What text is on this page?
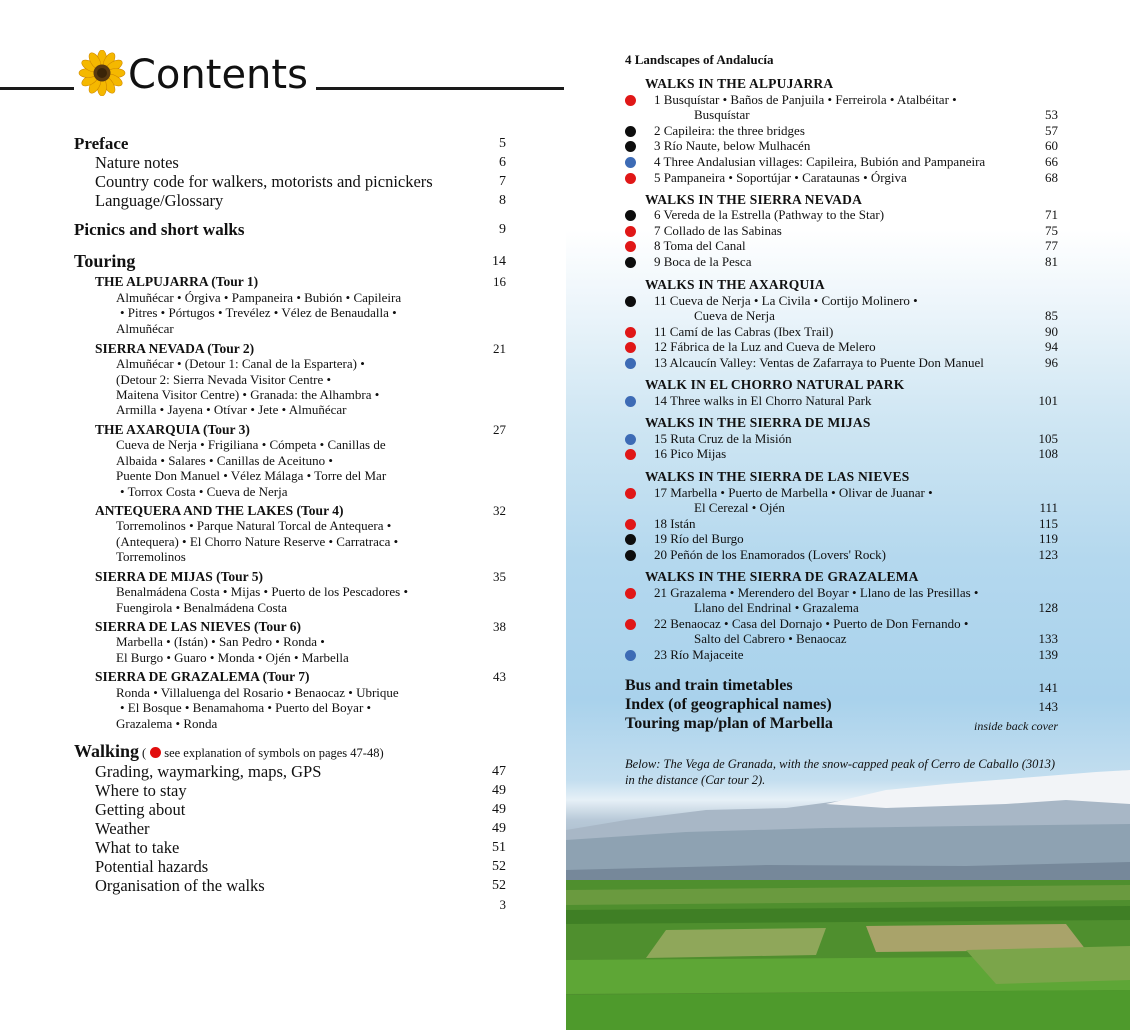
Contents
Preface	5
Nature notes	6
Country code for walkers, motorists and picnickers	7
Language/Glossary	8
Picnics and short walks	9
Touring	14
THE ALPUJARRA (Tour 1)	16
Almuñécar • Órgiva • Pampaneira • Bubión • Capileira
• Pitres • Pórtugos • Trevélez • Vélez de Benaudalla •
Almuñécar
SIERRA NEVADA (Tour 2)	21
Almuñécar • (Detour 1: Canal de la Espartera) •
(Detour 2: Sierra Nevada Visitor Centre •
Maitena Visitor Centre) • Granada: the Alhambra •
Armilla • Jayena • Otívar • Jete • Almuñécar
THE AXARQUIA (Tour 3)	27
Cueva de Nerja • Frigiliana • Cómpeta • Canillas de
Albaida • Salares • Canillas de Aceituno •
Puente Don Manuel • Vélez Málaga • Torre del Mar
• Torrox Costa • Cueva de Nerja
ANTEQUERA AND THE LAKES (Tour 4)	32
Torremolinos • Parque Natural Torcal de Antequera •
(Antequera) • El Chorro Nature Reserve • Carratraca •
Torremolinos
SIERRA DE MIJAS (Tour 5)	35
Benalmádena Costa • Mijas • Puerto de los Pescadores •
Fuengirola • Benalmádena Costa
SIERRA DE LAS NIEVES (Tour 6)	38
Marbella • (Istán) • San Pedro • Ronda •
El Burgo • Guaro • Monda • Ojén • Marbella
SIERRA DE GRAZALEMA (Tour 7)	43
Ronda • Villaluenga del Rosario • Benaocaz • Ubrique
• El Bosque • Benamahoma • Puerto del Boyar •
Grazalema • Ronda
Walking ( see explanation of symbols on pages 47-48)
Grading, waymarking, maps, GPS	47
Where to stay	49
Getting about	49
Weather	49
What to take	51
Potential hazards	52
Organisation of the walks	52
3
4 Landscapes of Andalucía
WALKS IN THE ALPUJARRA
1 Busquístar • Baños de Panjuila • Ferreirola • Atalbéitar •
Busquístar	53
2 Capileira: the three bridges	57
3 Río Naute, below Mulhacén	60
4 Three Andalusian villages: Capileira, Bubión and Pampaneira	66
5 Pampaneira • Soportújar • Carataunas • Órgiva	68
WALKS IN THE SIERRA NEVADA
6 Vereda de la Estrella (Pathway to the Star)	71
7 Collado de las Sabinas	75
8 Toma del Canal	77
9 Boca de la Pesca	81
WALKS IN THE AXARQUIA
11 Cueva de Nerja • La Civila • Cortijo Molinero •
Cueva de Nerja	85
11 Camí de las Cabras (Ibex Trail)	90
12 Fábrica de la Luz and Cueva de Melero	94
13 Alcaucín Valley: Ventas de Zafarraya to Puente Don Manuel	96
WALK IN EL CHORRO NATURAL PARK
14 Three walks in El Chorro Natural Park	101
WALKS IN THE SIERRA DE MIJAS
15 Ruta Cruz de la Misión	105
16 Pico Mijas	108
WALKS IN THE SIERRA DE LAS NIEVES
17 Marbella • Puerto de Marbella • Olivar de Juanar •
El Cerezal • Ojén	111
18 Istán	115
19 Río del Burgo	119
20 Peñón de los Enamorados (Lovers' Rock)	123
WALKS IN THE SIERRA DE GRAZALEMA
21 Grazalema • Merendero del Boyar • Llano de las Presillas •
Llano del Endrinal • Grazalema	128
22 Benaocaz • Casa del Dornajo • Puerto de Don Fernando •
Salto del Cabrero • Benaocaz	133
23 Río Majaceite	139
Bus and train timetables	141
Index (of geographical names)	143
Touring map/plan of Marbella	inside back cover
Below: The Vega de Granada, with the snow-capped peak of Cerro de Caballo (3013) in the distance (Car tour 2).
